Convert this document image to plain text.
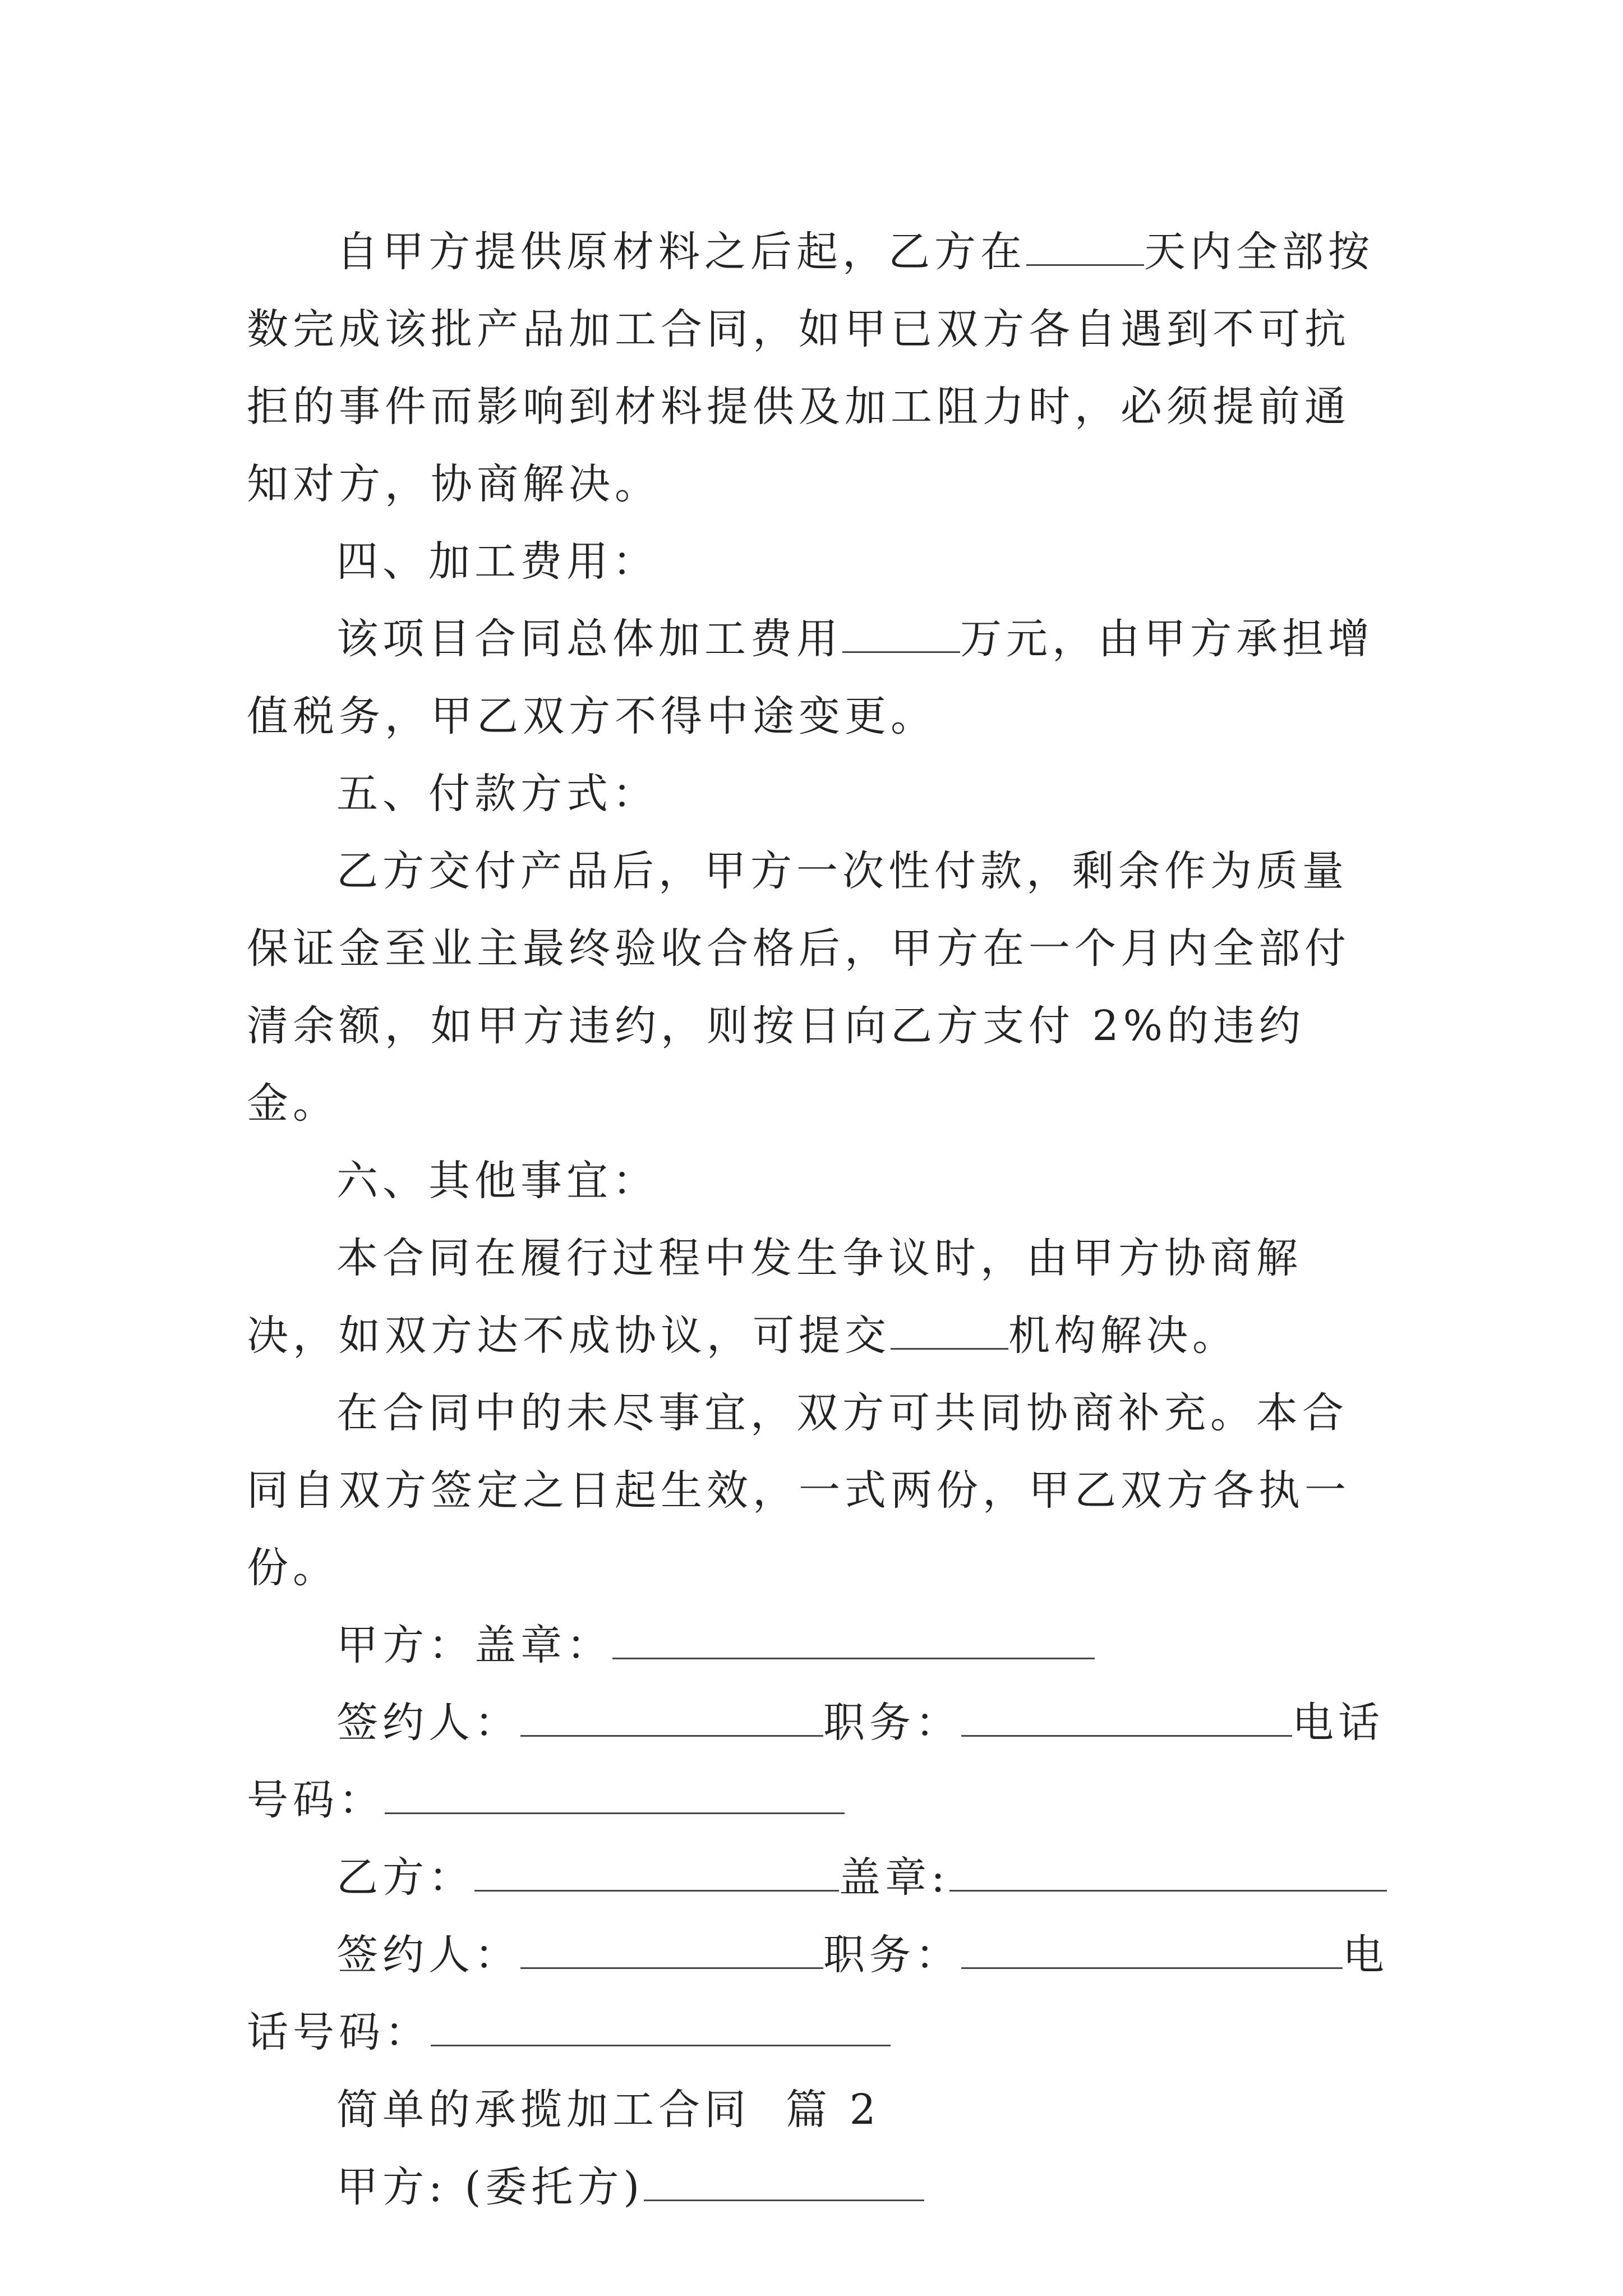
自甲方提供原材料之后起，乙方在	天内全部按数完成该批产品加工合同，如甲已双方各自遇到不可抗拒的事件而影响到材料提供及加工阻力时，必须提前通知对方，协商解决。

四、加工费用：

该项目合同总体加工费用	万元，由甲方承担增值税务，甲乙双方不得中途变更。

五、付款方式：

乙方交付产品后，甲方一次性付款，剩余作为质量保证金至业主最终验收合格后，甲方在一个月内全部付清余额，如甲方违约，则按日向乙方支付 2%的违约金。

六、其他事宜：

本合同在履行过程中发生争议时，由甲方协商解决，如双方达不成协议，可提交	机构解决。

在合同中的未尽事宜，双方可共同协商补充。本合同自双方签定之日起生效，一式两份，甲乙双方各执一份。

甲方：盖章：

签约人：	职务：	电话号码：

乙方：	盖章:

签约人：	职务：	电话号码：

简单的承揽加工合同  篇 2

甲方: (委托方)
